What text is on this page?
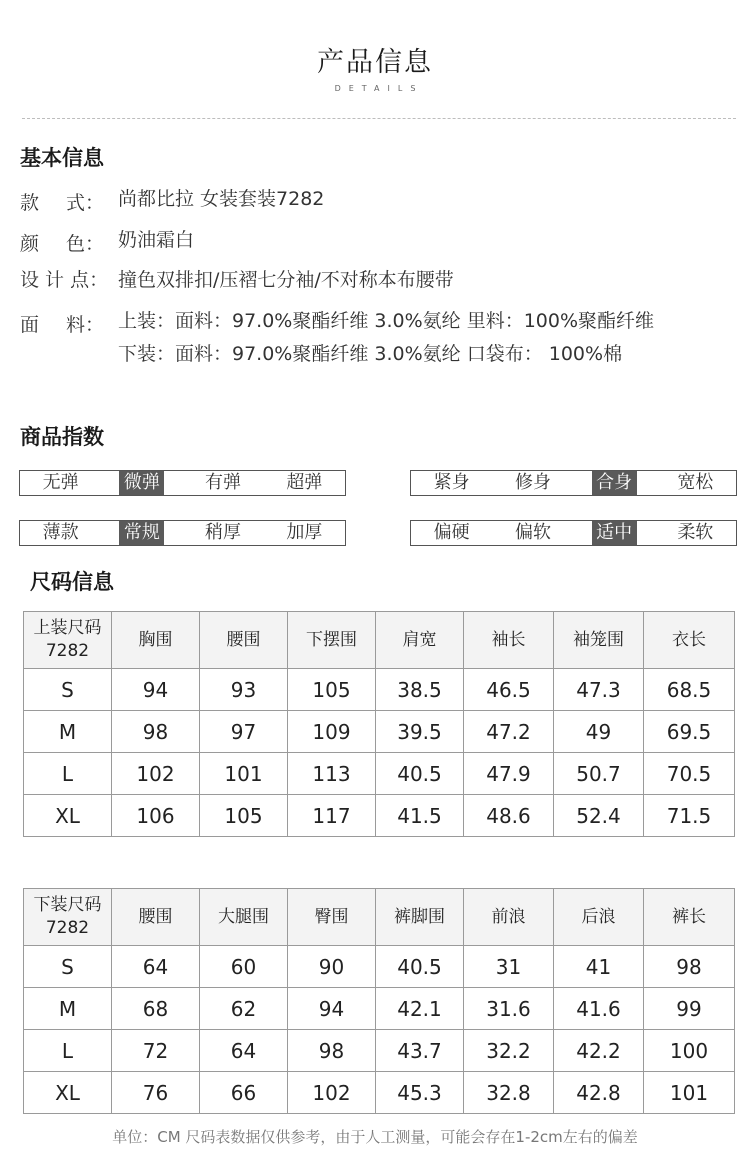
产品信息
DETAILS
基本信息
款 式： 尚都比拉 女装套装7282
颜 色： 奶油霜白
设 计 点： 撞色双排扣/压褶七分袖/不对称本布腰带
面 料： 上装：面料：97.0%聚酯纤维 3.0%氨纶 里料：100%聚酯纤维
下装：面料：97.0%聚酯纤维 3.0%氨纶 口袋布： 100%棉
商品指数
无弹	微弹	有弹	超弹	紧身	修身	合身	宽松
薄款	常规	稍厚	加厚	偏硬	偏软	适中	柔软
尺码信息
上装尺码
7282	胸围	腰围	下摆围	肩宽	袖长	袖笼围	衣长
S	94	93	105	38.5	46.5	47.3	68.5
M	98	97	109	39.5	47.2	49	69.5
L	102	101	113	40.5	47.9	50.7	70.5
XL	106	105	117	41.5	48.6	52.4	71.5
下装尺码
7282	腰围	大腿围	臀围	裤脚围	前浪	后浪	裤长
S	64	60	90	40.5	31	41	98
M	68	62	94	42.1	31.6	41.6	99
L	72	64	98	43.7	32.2	42.2	100
XL	76	66	102	45.3	32.8	42.8	101
单位：CM 尺码表数据仅供参考，由于人工测量，可能会存在1-2cm左右的偏差
